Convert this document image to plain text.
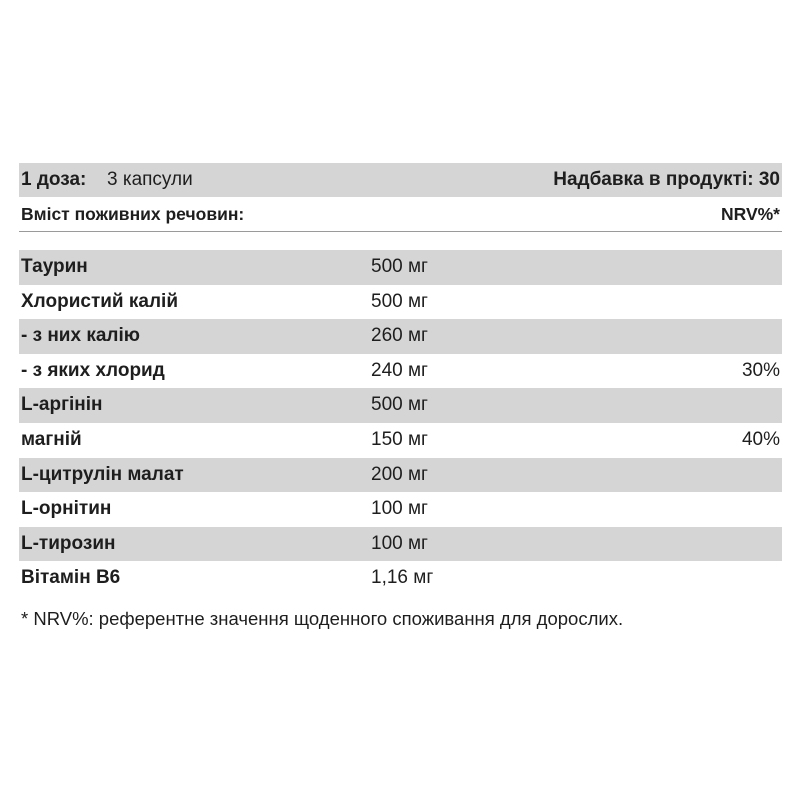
1 доза: 3 капсули	Надбавка в продукті: 30
Вміст поживних речовин:	NRV%*
Таурин	500 мг
Хлористий калій	500 мг
- з них калію	260 мг
- з яких хлорид	240 мг	30%
L-аргінін	500 мг
магній	150 мг	40%
L-цитрулін малат	200 мг
L-орнітин	100 мг
L-тирозин	100 мг
Вітамін В6	1,16 мг
* NRV%: референтне значення щоденного споживання для дорослих.
